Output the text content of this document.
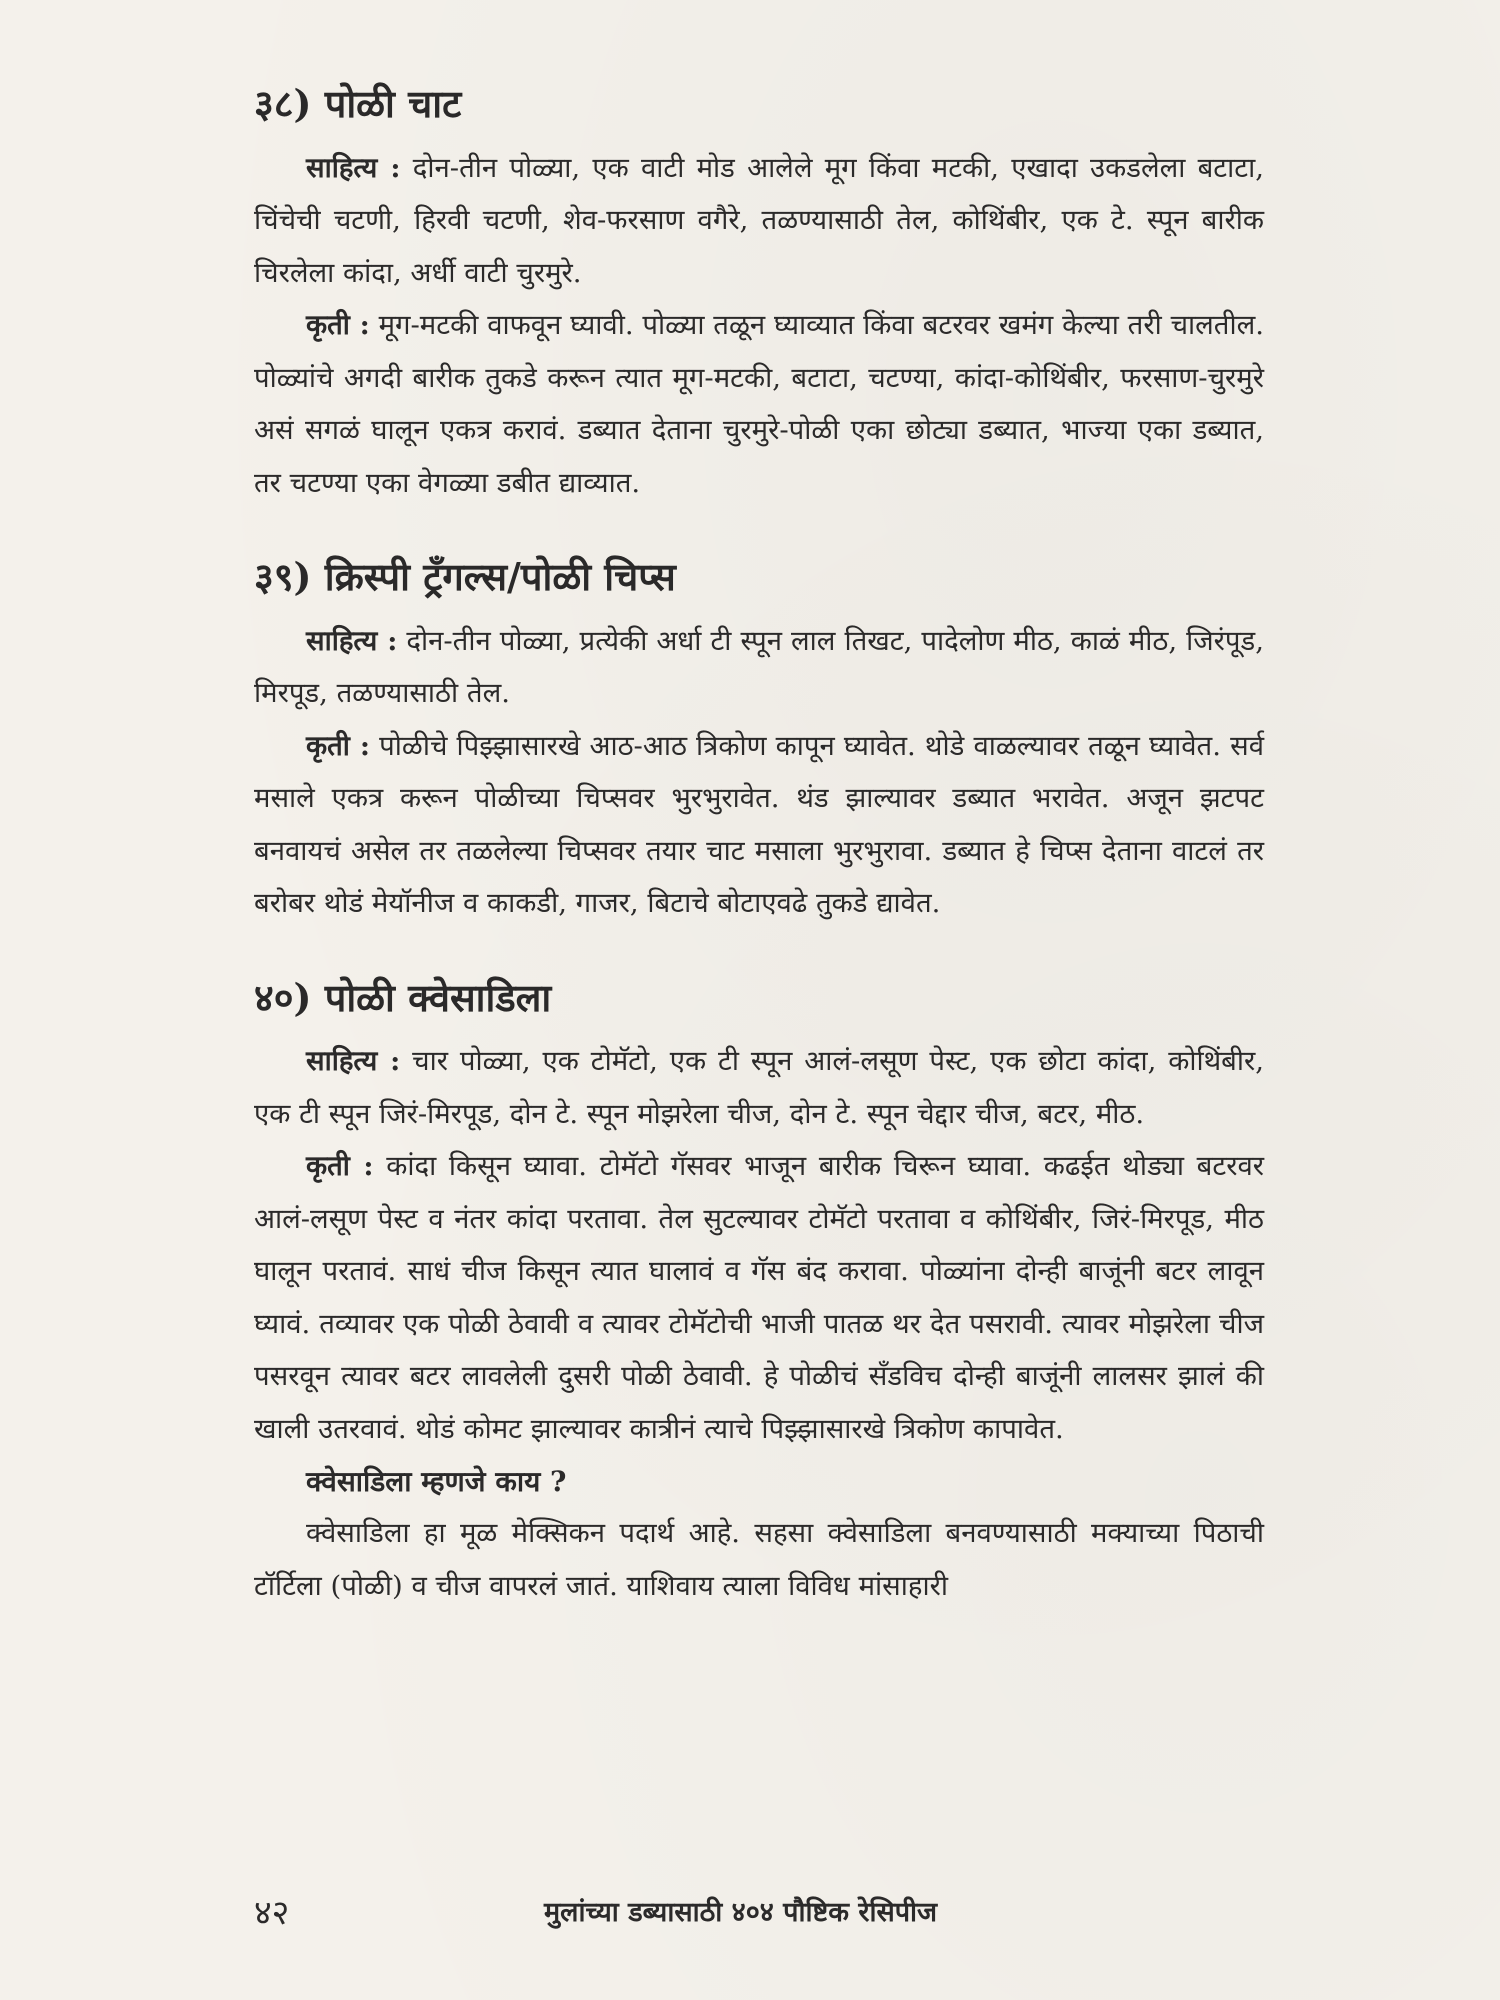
३८) पोळी चाट

साहित्य : दोन-तीन पोळ्या, एक वाटी मोड आलेले मूग किंवा मटकी, एखादा उकडलेला बटाटा, चिंचेची चटणी, हिरवी चटणी, शेव-फरसाण वगैरे, तळण्यासाठी तेल, कोथिंबीर, एक टे. स्पून बारीक चिरलेला कांदा, अर्धी वाटी चुरमुरे.

कृती : मूग-मटकी वाफवून घ्यावी. पोळ्या तळून घ्याव्यात किंवा बटरवर खमंग केल्या तरी चालतील. पोळ्यांचे अगदी बारीक तुकडे करून त्यात मूग-मटकी, बटाटा, चटण्या, कांदा-कोथिंबीर, फरसाण-चुरमुरे असं सगळं घालून एकत्र करावं. डब्यात देताना चुरमुरे-पोळी एका छोट्या डब्यात, भाज्या एका डब्यात, तर चटण्या एका वेगळ्या डबीत द्याव्यात.

३९) क्रिस्पी ट्रँगल्स/पोळी चिप्स

साहित्य : दोन-तीन पोळ्या, प्रत्येकी अर्धा टी स्पून लाल तिखट, पादेलोण मीठ, काळं मीठ, जिरंपूड, मिरपूड, तळण्यासाठी तेल.

कृती : पोळीचे पिझ्झासारखे आठ-आठ त्रिकोण कापून घ्यावेत. थोडे वाळल्यावर तळून घ्यावेत. सर्व मसाले एकत्र करून पोळीच्या चिप्सवर भुरभुरावेत. थंड झाल्यावर डब्यात भरावेत. अजून झटपट बनवायचं असेल तर तळलेल्या चिप्सवर तयार चाट मसाला भुरभुरावा. डब्यात हे चिप्स देताना वाटलं तर बरोबर थोडं मेयॉनीज व काकडी, गाजर, बिटाचे बोटाएवढे तुकडे द्यावेत.

४०) पोळी क्वेसाडिला

साहित्य : चार पोळ्या, एक टोमॅटो, एक टी स्पून आलं-लसूण पेस्ट, एक छोटा कांदा, कोथिंबीर, एक टी स्पून जिरं-मिरपूड, दोन टे. स्पून मोझरेला चीज, दोन टे. स्पून चेद्दार चीज, बटर, मीठ.

कृती : कांदा किसून घ्यावा. टोमॅटो गॅसवर भाजून बारीक चिरून घ्यावा. कढईत थोड्या बटरवर आलं-लसूण पेस्ट व नंतर कांदा परतावा. तेल सुटल्यावर टोमॅटो परतावा व कोथिंबीर, जिरं-मिरपूड, मीठ घालून परतावं. साधं चीज किसून त्यात घालावं व गॅस बंद करावा. पोळ्यांना दोन्ही बाजूंनी बटर लावून घ्यावं. तव्यावर एक पोळी ठेवावी व त्यावर टोमॅटोची भाजी पातळ थर देत पसरावी. त्यावर मोझरेला चीज पसरवून त्यावर बटर लावलेली दुसरी पोळी ठेवावी. हे पोळीचं सँडविच दोन्ही बाजूंनी लालसर झालं की खाली उतरवावं. थोडं कोमट झाल्यावर कात्रीनं त्याचे पिझ्झासारखे त्रिकोण कापावेत.

क्वेसाडिला म्हणजे काय ?

क्वेसाडिला हा मूळ मेक्सिकन पदार्थ आहे. सहसा क्वेसाडिला बनवण्यासाठी मक्याच्या पिठाची टॉर्टिला (पोळी) व चीज वापरलं जातं. याशिवाय त्याला विविध मांसाहारी

४२	मुलांच्या डब्यासाठी ४०४ पौष्टिक रेसिपीज
